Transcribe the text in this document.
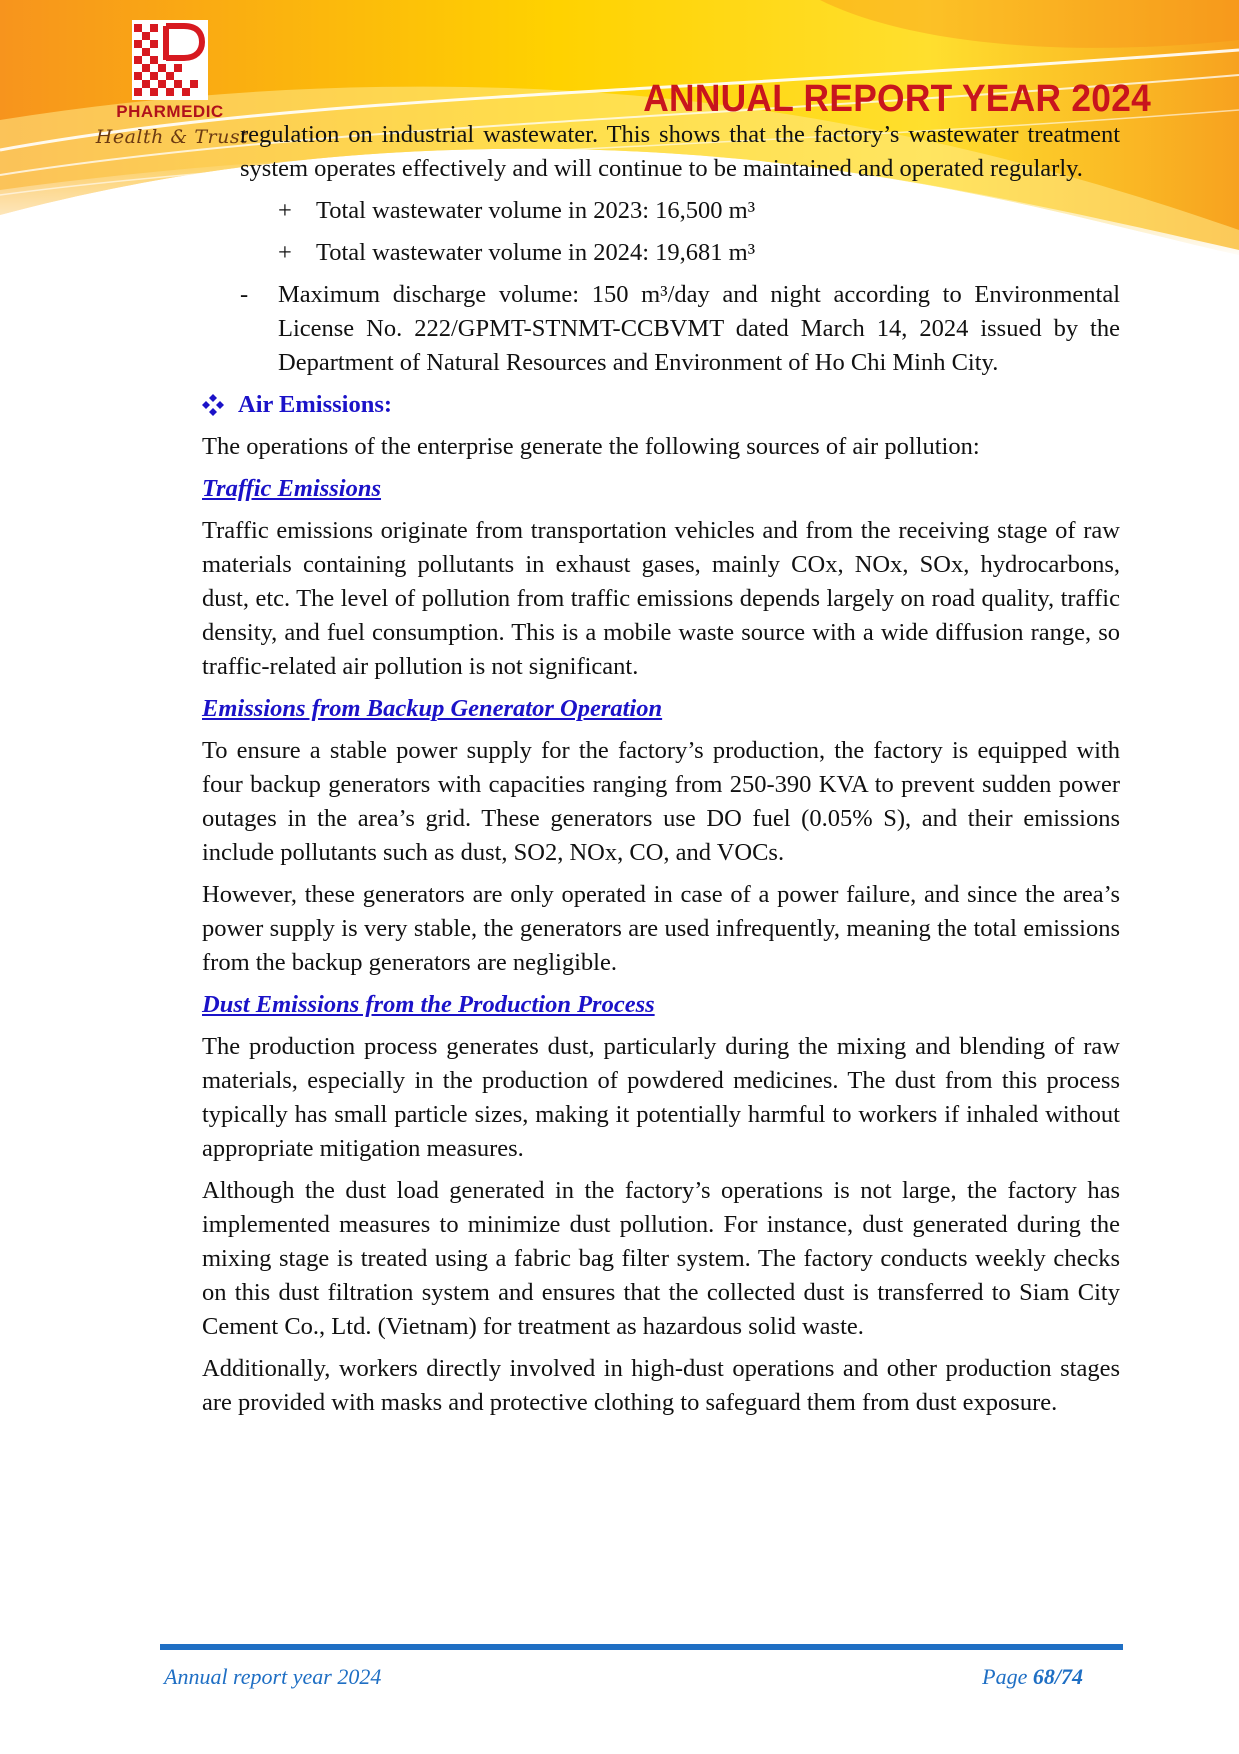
PHARMEDIC
Health & Trust
ANNUAL REPORT YEAR 2024

regulation on industrial wastewater. This shows that the factory’s wastewater treatment system operates effectively and will continue to be maintained and operated regularly.

+ Total wastewater volume in 2023: 16,500 m³
+ Total wastewater volume in 2024: 19,681 m³
- Maximum discharge volume: 150 m³/day and night according to Environmental License No. 222/GPMT-STNMT-CCBVMT dated March 14, 2024 issued by the Department of Natural Resources and Environment of Ho Chi Minh City.
Air Emissions:

The operations of the enterprise generate the following sources of air pollution:

Traffic Emissions

Traffic emissions originate from transportation vehicles and from the receiving stage of raw materials containing pollutants in exhaust gases, mainly COx, NOx, SOx, hydrocarbons, dust, etc. The level of pollution from traffic emissions depends largely on road quality, traffic density, and fuel consumption. This is a mobile waste source with a wide diffusion range, so traffic-related air pollution is not significant.

Emissions from Backup Generator Operation

To ensure a stable power supply for the factory’s production, the factory is equipped with four backup generators with capacities ranging from 250-390 KVA to prevent sudden power outages in the area’s grid. These generators use DO fuel (0.05% S), and their emissions include pollutants such as dust, SO2, NOx, CO, and VOCs.

However, these generators are only operated in case of a power failure, and since the area’s power supply is very stable, the generators are used infrequently, meaning the total emissions from the backup generators are negligible.

Dust Emissions from the Production Process

The production process generates dust, particularly during the mixing and blending of raw materials, especially in the production of powdered medicines. The dust from this process typically has small particle sizes, making it potentially harmful to workers if inhaled without appropriate mitigation measures.

Although the dust load generated in the factory’s operations is not large, the factory has implemented measures to minimize dust pollution. For instance, dust generated during the mixing stage is treated using a fabric bag filter system. The factory conducts weekly checks on this dust filtration system and ensures that the collected dust is transferred to Siam City Cement Co., Ltd. (Vietnam) for treatment as hazardous solid waste.

Additionally, workers directly involved in high-dust operations and other production stages are provided with masks and protective clothing to safeguard them from dust exposure.

Annual report year 2024	Page 68/74
